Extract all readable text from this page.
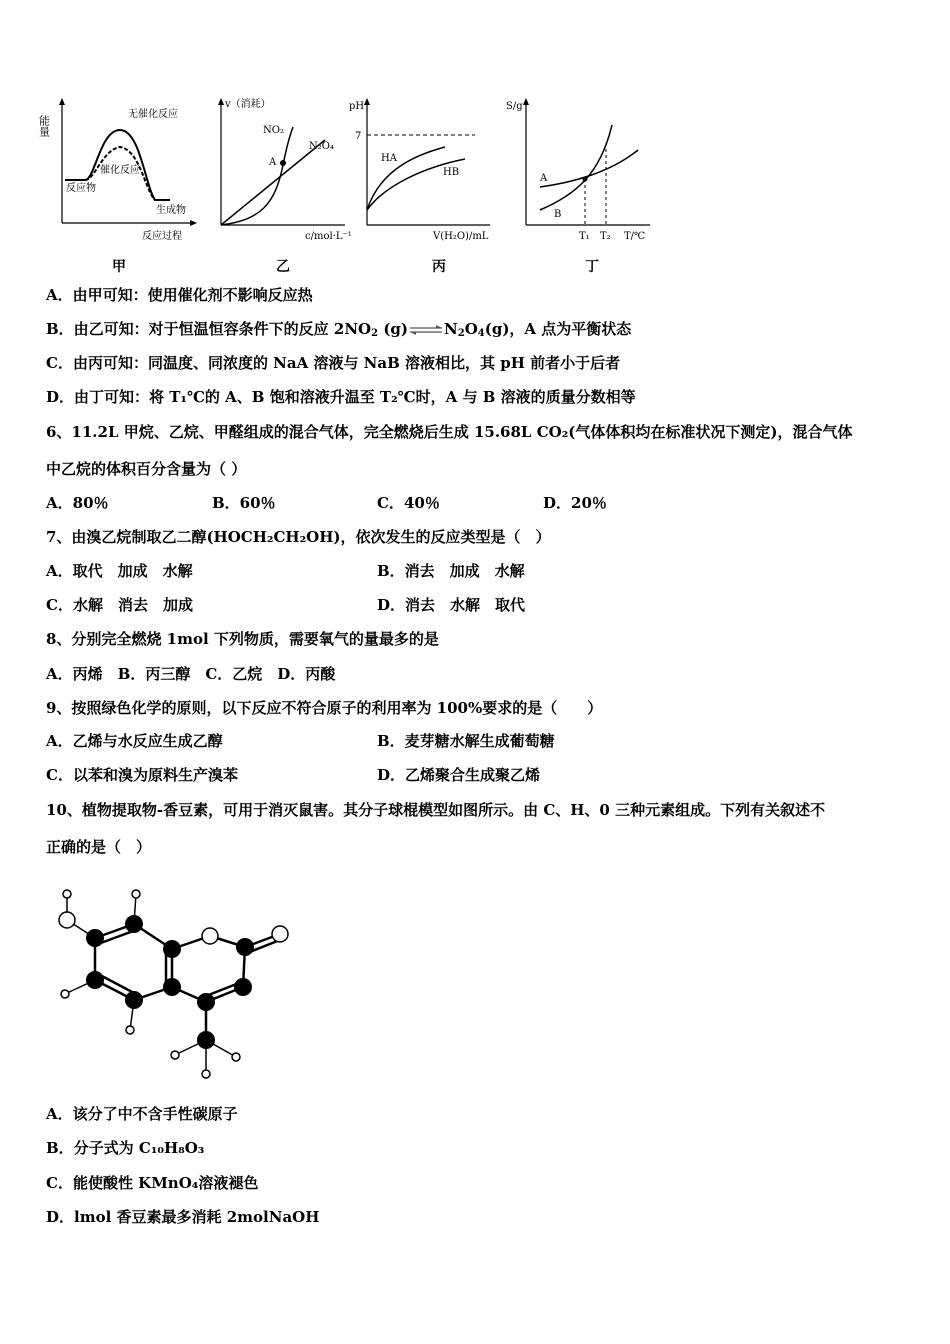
能量
无催化反应
催化反应
反应物
生成物
反应过程
甲
v（消耗）
NO₂
N₂O₄
A
c/mol·L⁻¹
乙
pH
7
HA
HB
V(H₂O)/mL
丙
S/g
A
B
T₁ T₂ T/℃
丁
A．由甲可知：使用催化剂不影响反应热
B．由乙可知：对于恒温恒容条件下的反应 $2NO_2$ $(g)\rightleftharpoons N_2O_4(g)$，A 点为平衡状态
C．由丙可知：同温度、同浓度的 NaA 溶液与 NaB 溶液相比，其 pH 前者小于后者
D．由丁可知：将 T₁℃的 A、B 饱和溶液升温至 T₂℃时，A 与 B 溶液的质量分数相等
6、11.2L 甲烷、乙烷、甲醛组成的混合气体，完全燃烧后生成 15.68L CO₂(气体体积均在标准状况下测定)，混合气体
中乙烷的体积百分含量为（ ）
A．80％	B．60％	C．40％	D．20％
7、由溴乙烷制取乙二醇(HOCH₂CH₂OH)，依次发生的反应类型是（　）
A．取代　加成　水解	B．消去　加成　水解
C．水解　消去　加成	D．消去　水解　取代
8、分别完全燃烧 1mol 下列物质，需要氧气的量最多的是
A．丙烯　B．丙三醇　C．乙烷　D．丙酸
9、按照绿色化学的原则，以下反应不符合原子的利用率为 100%要求的是（　　）
A．乙烯与水反应生成乙醇	B．麦芽糖水解生成葡萄糖
C．以苯和溴为原料生产溴苯	D．乙烯聚合生成聚乙烯
10、植物提取物-香豆素，可用于消灭鼠害。其分子球棍模型如图所示。由 C、H、0 三种元素组成。下列有关叙述不
正确的是（　）
A．该分了中不含手性碳原子
B．分子式为 C₁₀H₈O₃
C．能使酸性 KMnO₄溶液褪色
D．lmol 香豆素最多消耗 2molNaOH
